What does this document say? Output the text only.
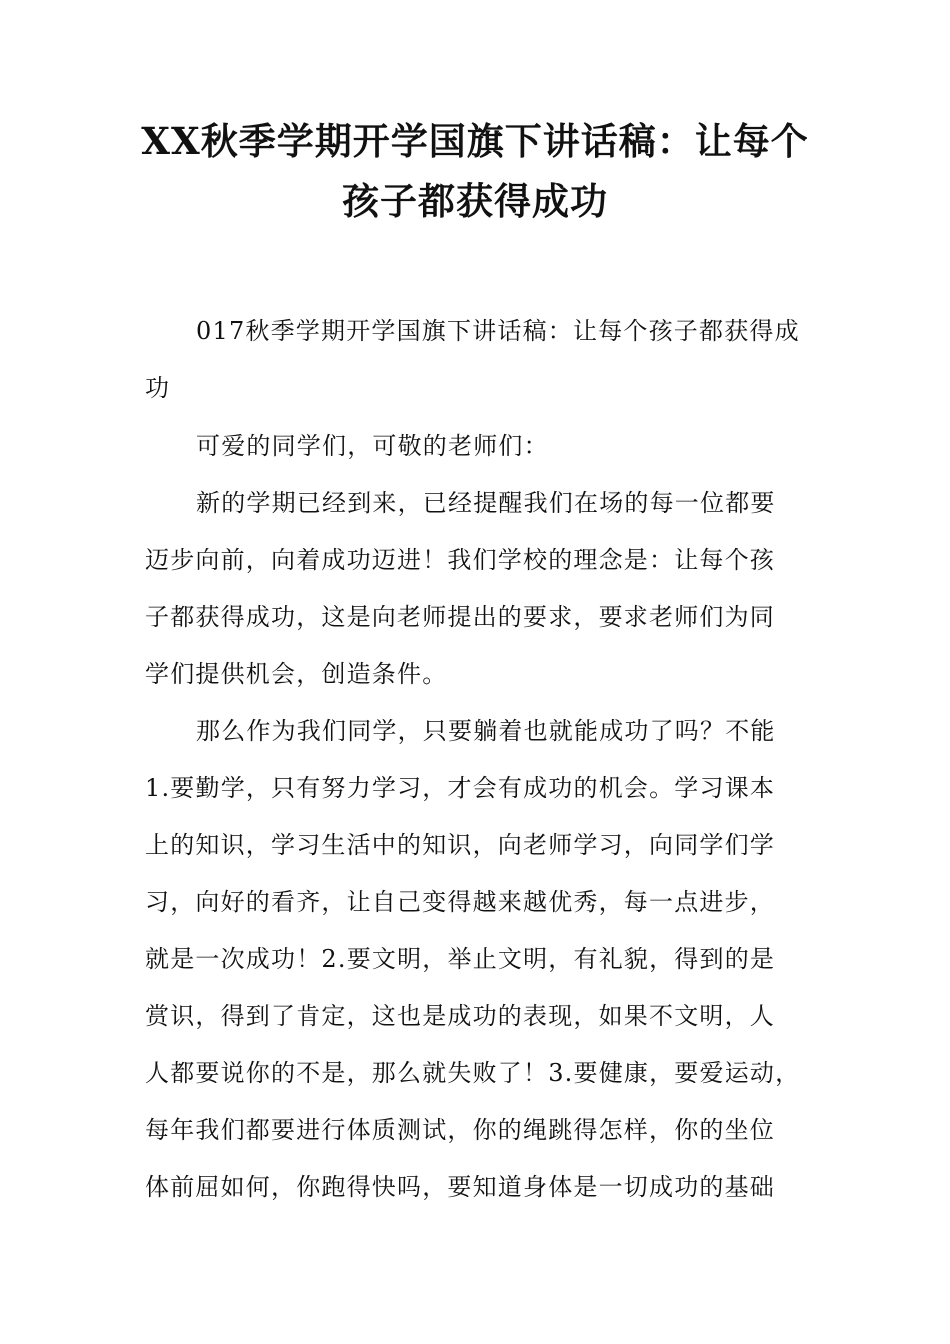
XX秋季学期开学国旗下讲话稿：让每个
孩子都获得成功
017秋季学期开学国旗下讲话稿：让每个孩子都获得成
功
可爱的同学们，可敬的老师们：
新的学期已经到来，已经提醒我们在场的每一位都要
迈步向前，向着成功迈进！我们学校的理念是：让每个孩
子都获得成功，这是向老师提出的要求，要求老师们为同
学们提供机会，创造条件。
那么作为我们同学，只要躺着也就能成功了吗？不能
1.要勤学，只有努力学习，才会有成功的机会。学习课本
上的知识，学习生活中的知识，向老师学习，向同学们学
习，向好的看齐，让自己变得越来越优秀，每一点进步，
就是一次成功！2.要文明，举止文明，有礼貌，得到的是
赏识，得到了肯定，这也是成功的表现，如果不文明，人
人都要说你的不是，那么就失败了！3.要健康，要爱运动，
每年我们都要进行体质测试，你的绳跳得怎样，你的坐位
体前屈如何，你跑得快吗，要知道身体是一切成功的基础
